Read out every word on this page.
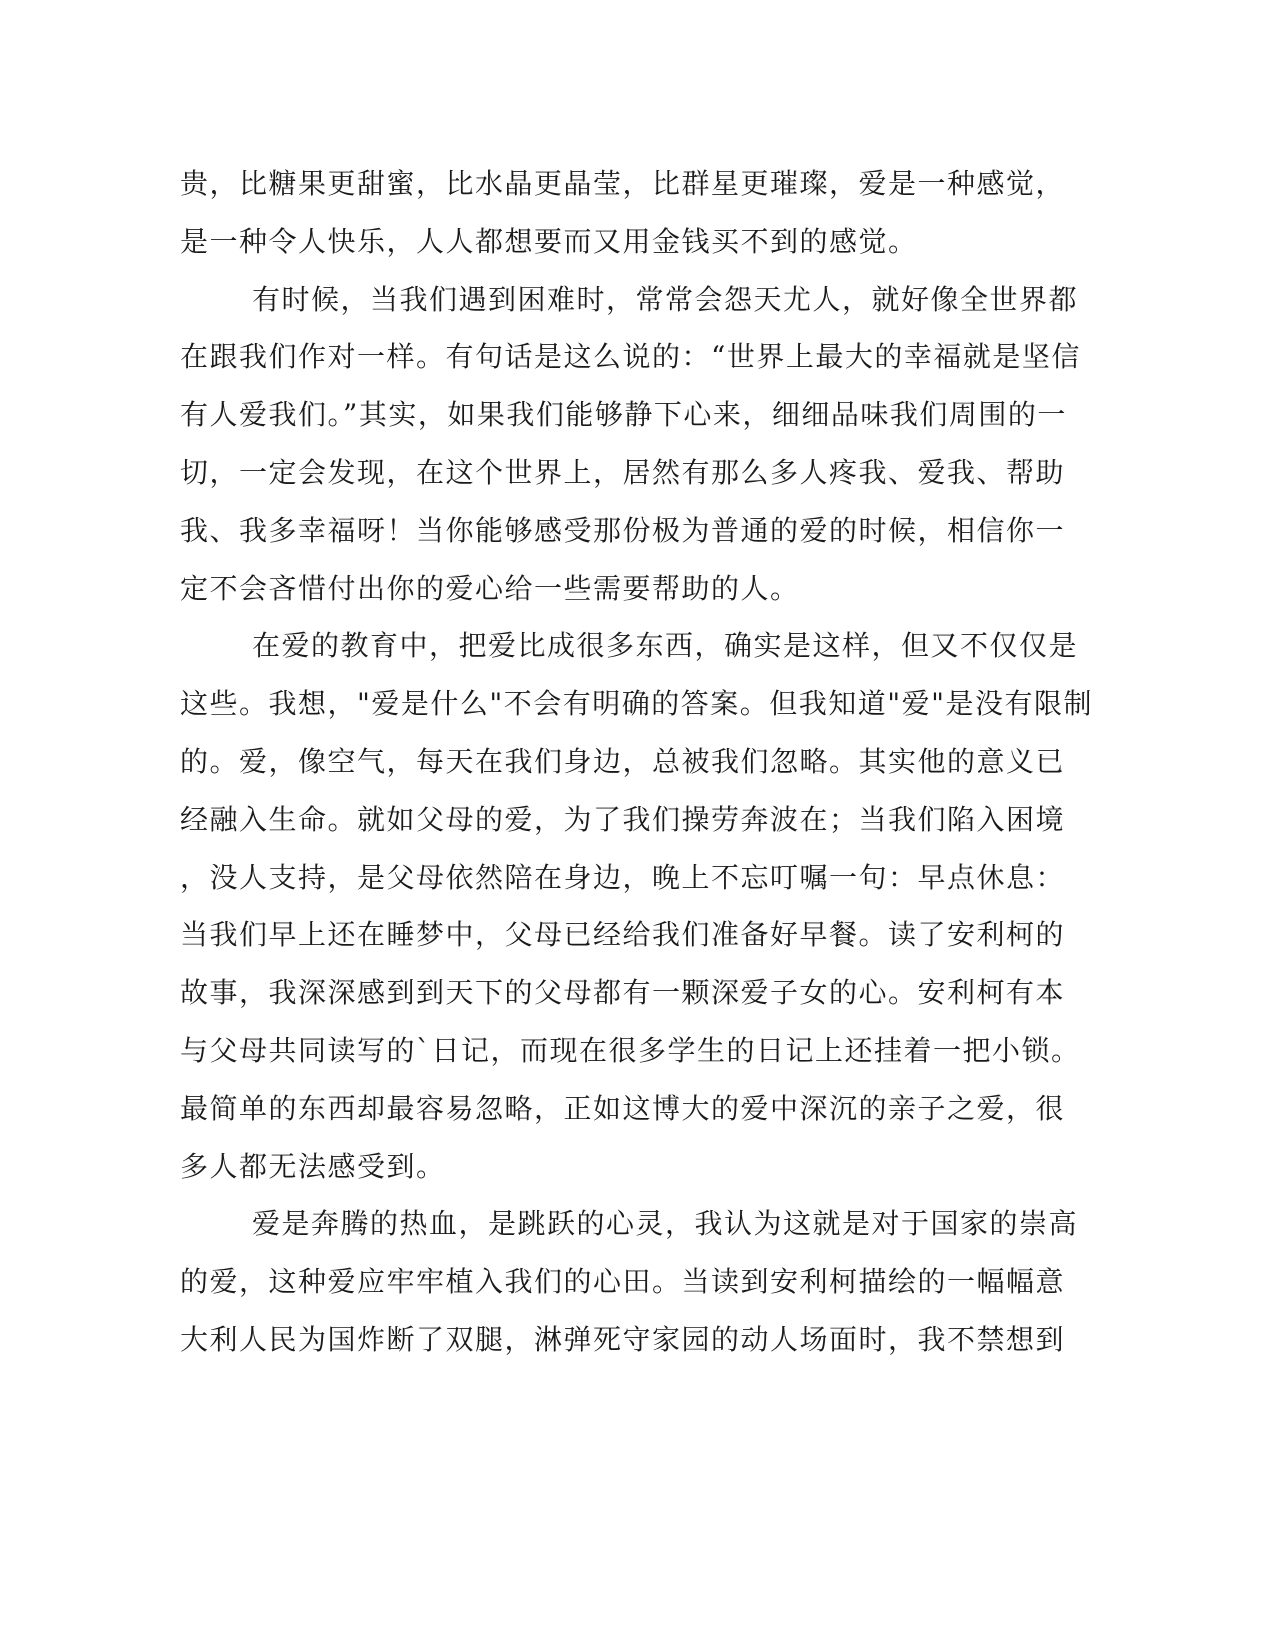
贵，比糖果更甜蜜，比水晶更晶莹，比群星更璀璨，爱是一种感觉，
是一种令人快乐，人人都想要而又用金钱买不到的感觉。
有时候，当我们遇到困难时，常常会怨天尤人，就好像全世界都
在跟我们作对一样。有句话是这么说的：“世界上最大的幸福就是坚信
有人爱我们。”其实，如果我们能够静下心来，细细品味我们周围的一
切，一定会发现，在这个世界上，居然有那么多人疼我、爱我、帮助
我、我多幸福呀！当你能够感受那份极为普通的爱的时候，相信你一
定不会吝惜付出你的爱心给一些需要帮助的人。
在爱的教育中，把爱比成很多东西，确实是这样，但又不仅仅是
这些。我想，"爱是什么"不会有明确的答案。但我知道"爱"是没有限制
的。爱，像空气，每天在我们身边，总被我们忽略。其实他的意义已
经融入生命。就如父母的爱，为了我们操劳奔波在；当我们陷入困境
，没人支持，是父母依然陪在身边，晚上不忘叮嘱一句：早点休息：
当我们早上还在睡梦中，父母已经给我们准备好早餐。读了安利柯的
故事，我深深感到到天下的父母都有一颗深爱子女的心。安利柯有本
与父母共同读写的`日记，而现在很多学生的日记上还挂着一把小锁。
最简单的东西却最容易忽略，正如这博大的爱中深沉的亲子之爱，很
多人都无法感受到。
爱是奔腾的热血，是跳跃的心灵，我认为这就是对于国家的崇高
的爱，这种爱应牢牢植入我们的心田。当读到安利柯描绘的一幅幅意
大利人民为国炸断了双腿，淋弹死守家园的动人场面时，我不禁想到
